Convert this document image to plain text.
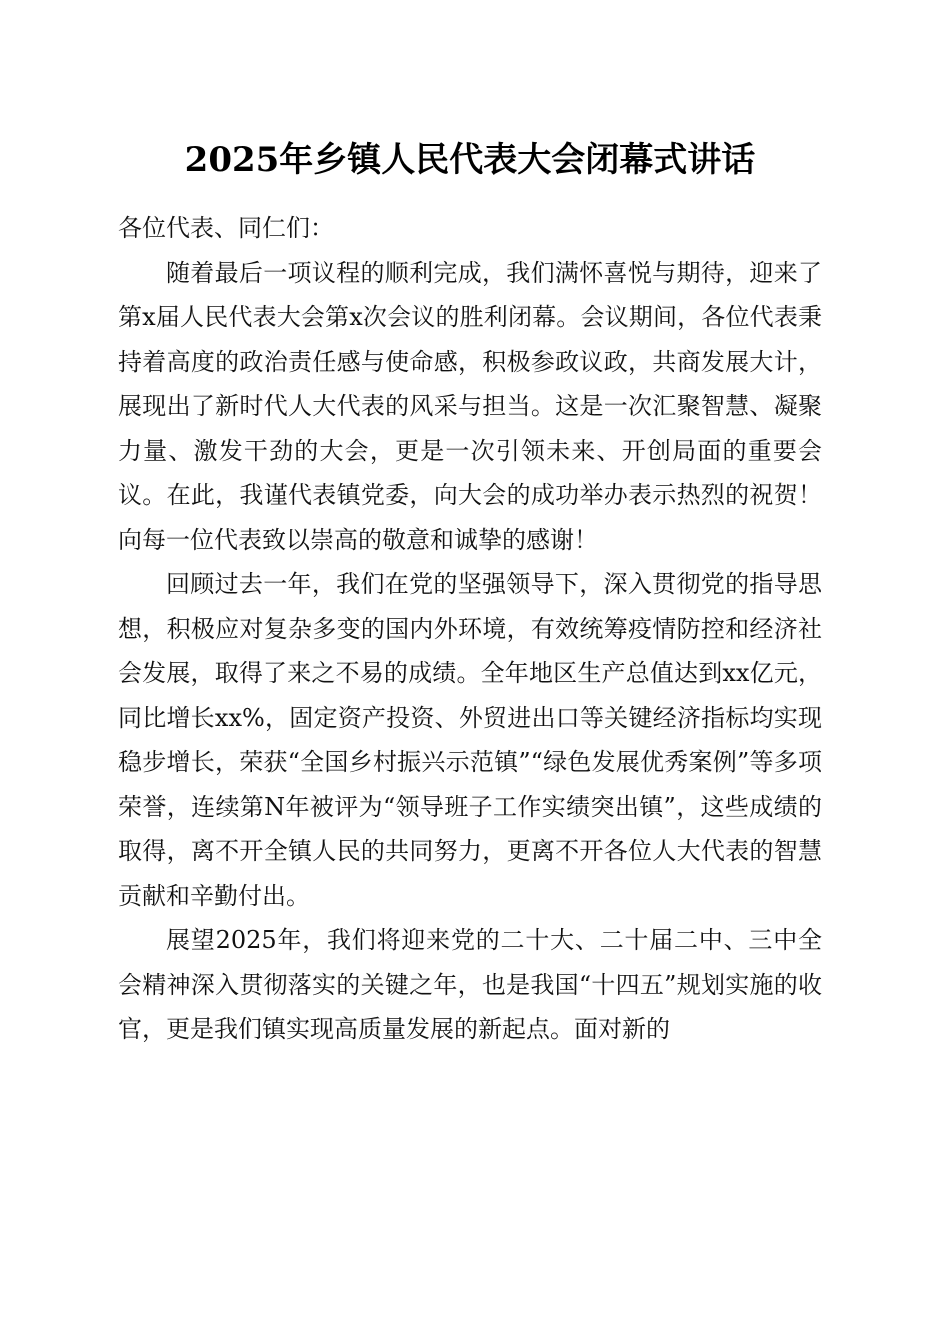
2025年乡镇人民代表大会闭幕式讲话

各位代表、同仁们：

随着最后一项议程的顺利完成，我们满怀喜悦与期待，迎来了第x届人民代表大会第x次会议的胜利闭幕。会议期间，各位代表秉持着高度的政治责任感与使命感，积极参政议政，共商发展大计，展现出了新时代人大代表的风采与担当。这是一次汇聚智慧、凝聚力量、激发干劲的大会，更是一次引领未来、开创局面的重要会议。在此，我谨代表镇党委，向大会的成功举办表示热烈的祝贺！向每一位代表致以崇高的敬意和诚挚的感谢！

回顾过去一年，我们在党的坚强领导下，深入贯彻党的指导思想，积极应对复杂多变的国内外环境，有效统筹疫情防控和经济社会发展，取得了来之不易的成绩。全年地区生产总值达到xx亿元，同比增长xx%，固定资产投资、外贸进出口等关键经济指标均实现稳步增长，荣获“全国乡村振兴示范镇”“绿色发展优秀案例”等多项荣誉，连续第N年被评为“领导班子工作实绩突出镇”，这些成绩的取得，离不开全镇人民的共同努力，更离不开各位人大代表的智慧贡献和辛勤付出。

展望2025年，我们将迎来党的二十大、二十届二中、三中全会精神深入贯彻落实的关键之年，也是我国“十四五”规划实施的收官，更是我们镇实现高质量发展的新起点。面对新的
